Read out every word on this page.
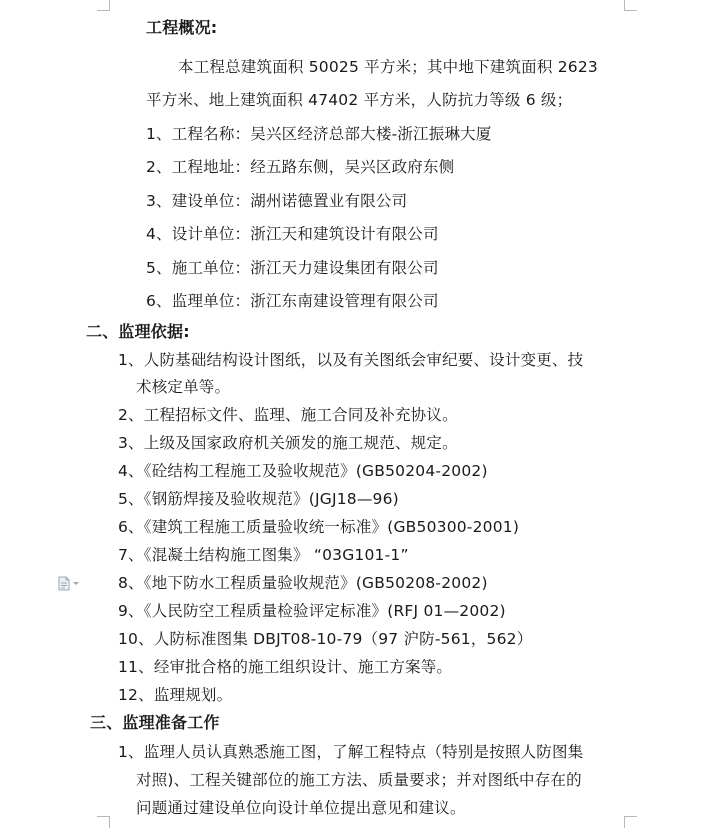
工程概况:
本工程总建筑面积 50025 平方米；其中地下建筑面积 2623
平方米、地上建筑面积 47402 平方米，人防抗力等级 6 级；
1、工程名称：吴兴区经济总部大楼-浙江振琳大厦
2、工程地址：经五路东侧，吴兴区政府东侧
3、建设单位：湖州诺德置业有限公司
4、设计单位：浙江天和建筑设计有限公司
5、施工单位：浙江天力建设集团有限公司
6、监理单位：浙江东南建设管理有限公司
二、监理依据:
1、人防基础结构设计图纸，以及有关图纸会审纪要、设计变更、技
术核定单等。
2、工程招标文件、监理、施工合同及补充协议。
3、上级及国家政府机关颁发的施工规范、规定。
4、《砼结构工程施工及验收规范》(GB50204-2002)
5、《钢筋焊接及验收规范》(JGJ18—96)
6、《建筑工程施工质量验收统一标准》(GB50300-2001)
7、《混凝土结构施工图集》 “03G101-1”
8、《地下防水工程质量验收规范》(GB50208-2002)
9、《人民防空工程质量检验评定标准》(RFJ 01—2002)
10、人防标准图集 DBJT08-10-79（97 沪防-561，562）
11、经审批合格的施工组织设计、施工方案等。
12、监理规划。
三、监理准备工作
1、监理人员认真熟悉施工图，了解工程特点（特别是按照人防图集
对照)、工程关键部位的施工方法、质量要求；并对图纸中存在的
问题通过建设单位向设计单位提出意见和建议。
